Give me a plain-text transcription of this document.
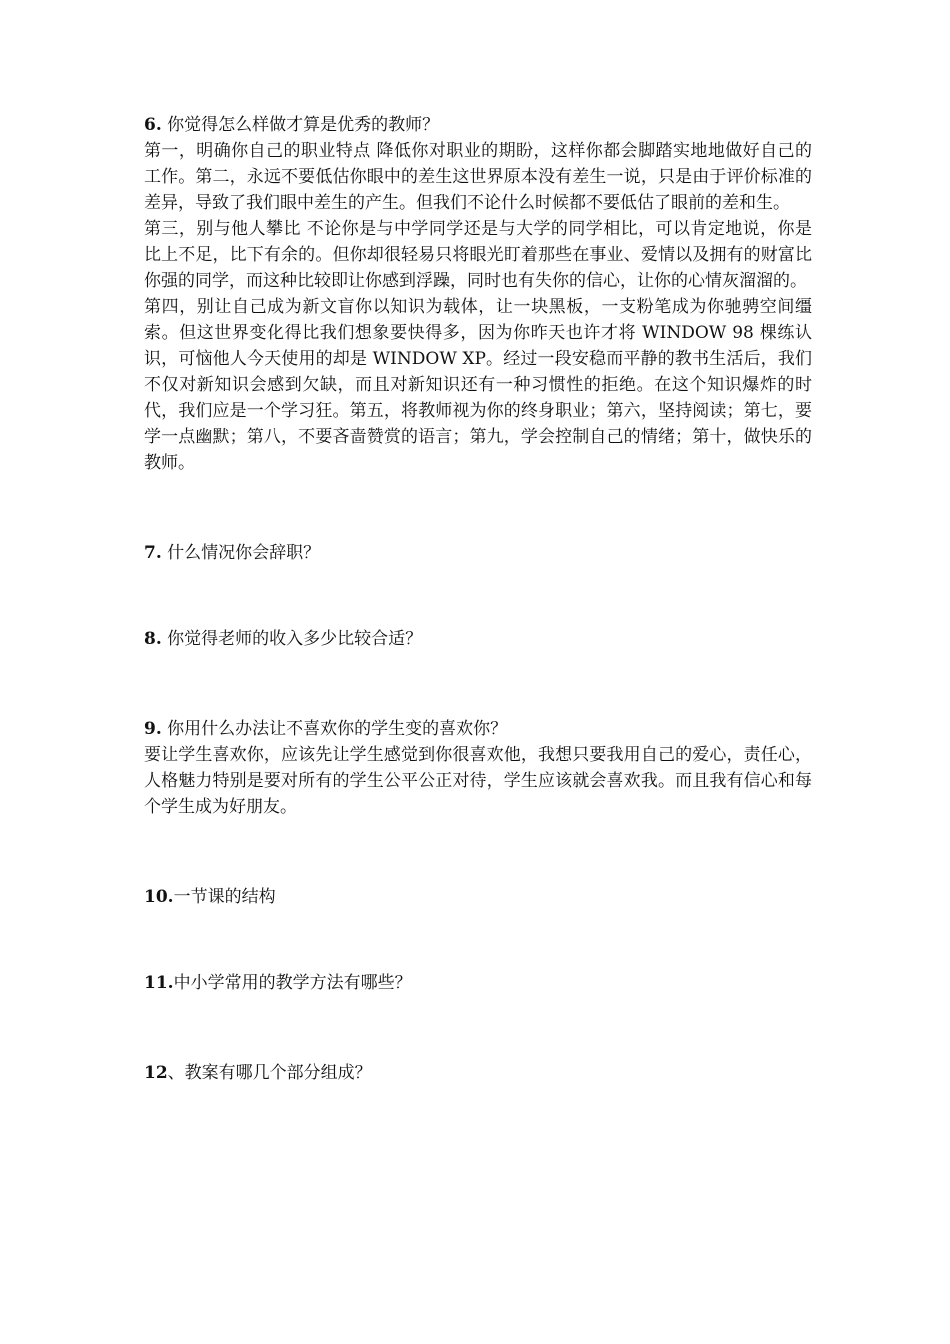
6. 你觉得怎么样做才算是优秀的教师？

第一，明确你自己的职业特点 降低你对职业的期盼，这样你都会脚踏实地地做好自己的工作。第二，永远不要低估你眼中的差生这世界原本没有差生一说，只是由于评价标准的差异，导致了我们眼中差生的产生。但我们不论什么时候都不要低估了眼前的差和生。

第三，别与他人攀比 不论你是与中学同学还是与大学的同学相比，可以肯定地说，你是比上不足，比下有余的。但你却很轻易只将眼光盯着那些在事业、爱情以及拥有的财富比你强的同学，而这种比较即让你感到浮躁，同时也有失你的信心，让你的心情灰溜溜的。

第四，别让自己成为新文盲你以知识为载体，让一块黑板，一支粉笔成为你驰骋空间缰索。但这世界变化得比我们想象要快得多，因为你昨天也许才将 WINDOW 98 棵练认识，可恼他人今天使用的却是 WINDOW XP。经过一段安稳而平静的教书生活后，我们不仅对新知识会感到欠缺，而且对新知识还有一种习惯性的拒绝。在这个知识爆炸的时代，我们应是一个学习狂。第五，将教师视为你的终身职业；第六，坚持阅读；第七，要学一点幽默；第八，不要吝啬赞赏的语言；第九，学会控制自己的情绪；第十，做快乐的教师。

7. 什么情况你会辞职？

8. 你觉得老师的收入多少比较合适？

9. 你用什么办法让不喜欢你的学生变的喜欢你？

要让学生喜欢你，应该先让学生感觉到你很喜欢他，我想只要我用自己的爱心，责任心，人格魅力特别是要对所有的学生公平公正对待，学生应该就会喜欢我。而且我有信心和每个学生成为好朋友。

10.一节课的结构

11.中小学常用的教学方法有哪些？

12、教案有哪几个部分组成？
